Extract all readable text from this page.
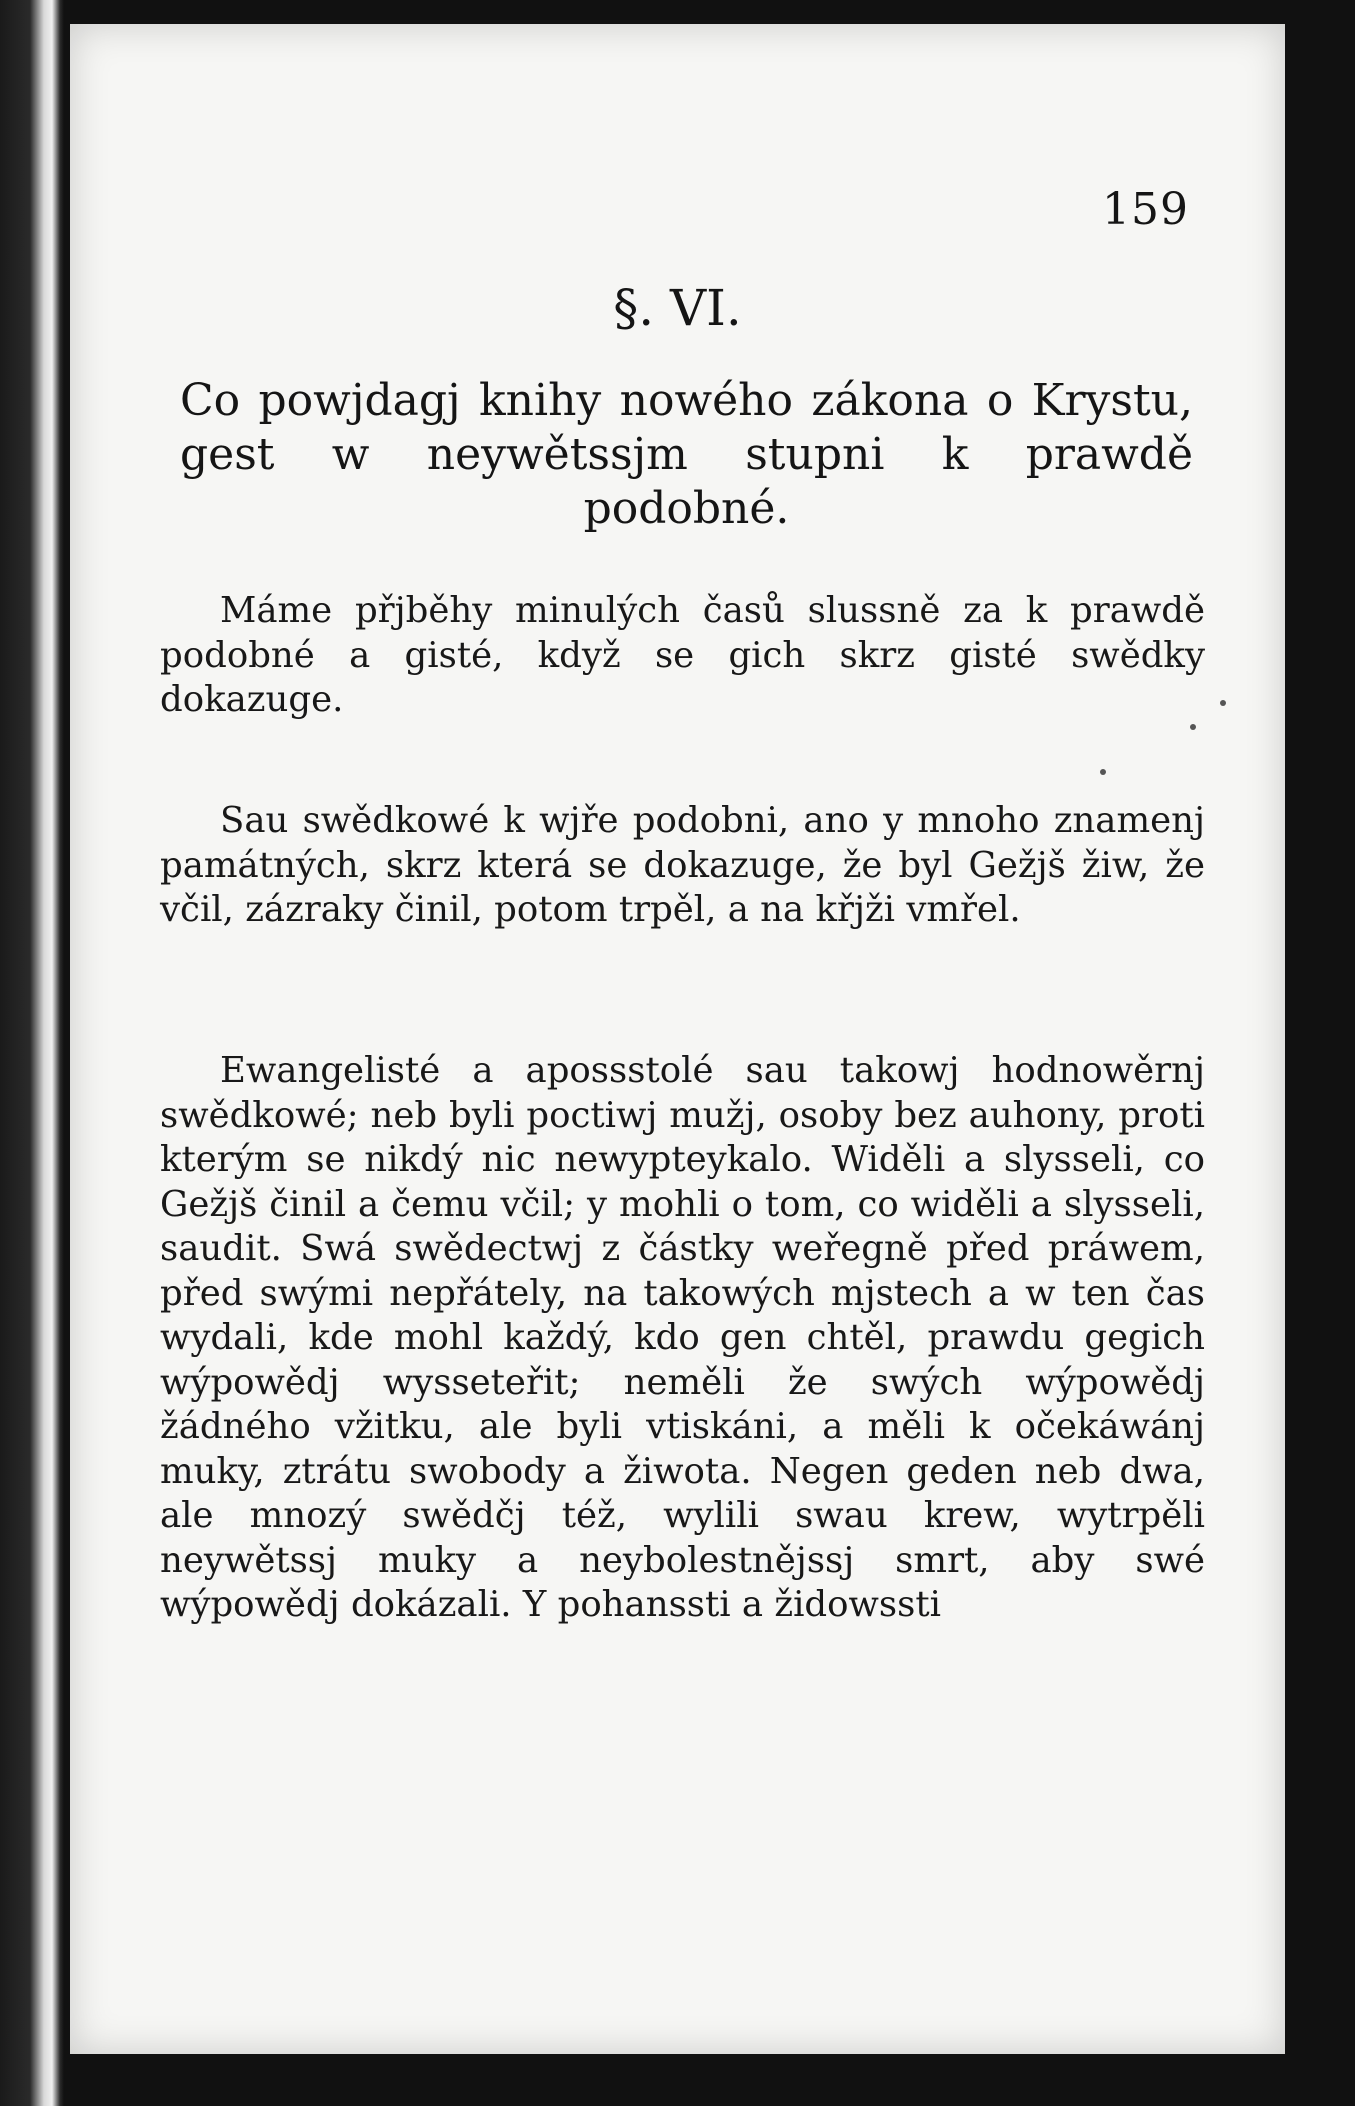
159
§. VI.
Co powjdagj knihy nowého zákona o Krystu, gest w neywětssjm stupni k prawdě podobné.

Máme přjběhy minulých časů slussně za k prawdě podobné a gisté, když se gich skrz gisté swědky dokazuge.

Sau swědkowé k wjře podobni, ano y mnoho znamenj památných, skrz která se dokazuge, že byl Gežjš žiw, že včil, zázraky činil, potom trpěl, a na křjži vmřel.

Ewangelisté a apossstolé sau takowj hodnowěrnj swědkowé; neb byli poctiwj mužj, osoby bez auhony, proti kterým se nikdý nic newypteykalo. Widěli a slysseli, co Gežjš činil a čemu včil; y mohli o tom, co widěli a slysseli, saudit. Swá swědectwj z částky weřegně před práwem, před swými nepřátely, na takowých mjstech a w ten čas wydali, kde mohl každý, kdo gen chtěl, prawdu gegich wýpowědj wysseteřit; neměli že swých wýpowědj žádného vžitku, ale byli vtiskáni, a měli k očekáwánj muky, ztrátu swobody a žiwota. Negen geden neb dwa, ale mnozý swědčj též, wylili swau krew, wytrpěli neywětssj muky a neybolestnějssj smrt, aby swé wýpowědj dokázali. Y pohanssti a židowssti
